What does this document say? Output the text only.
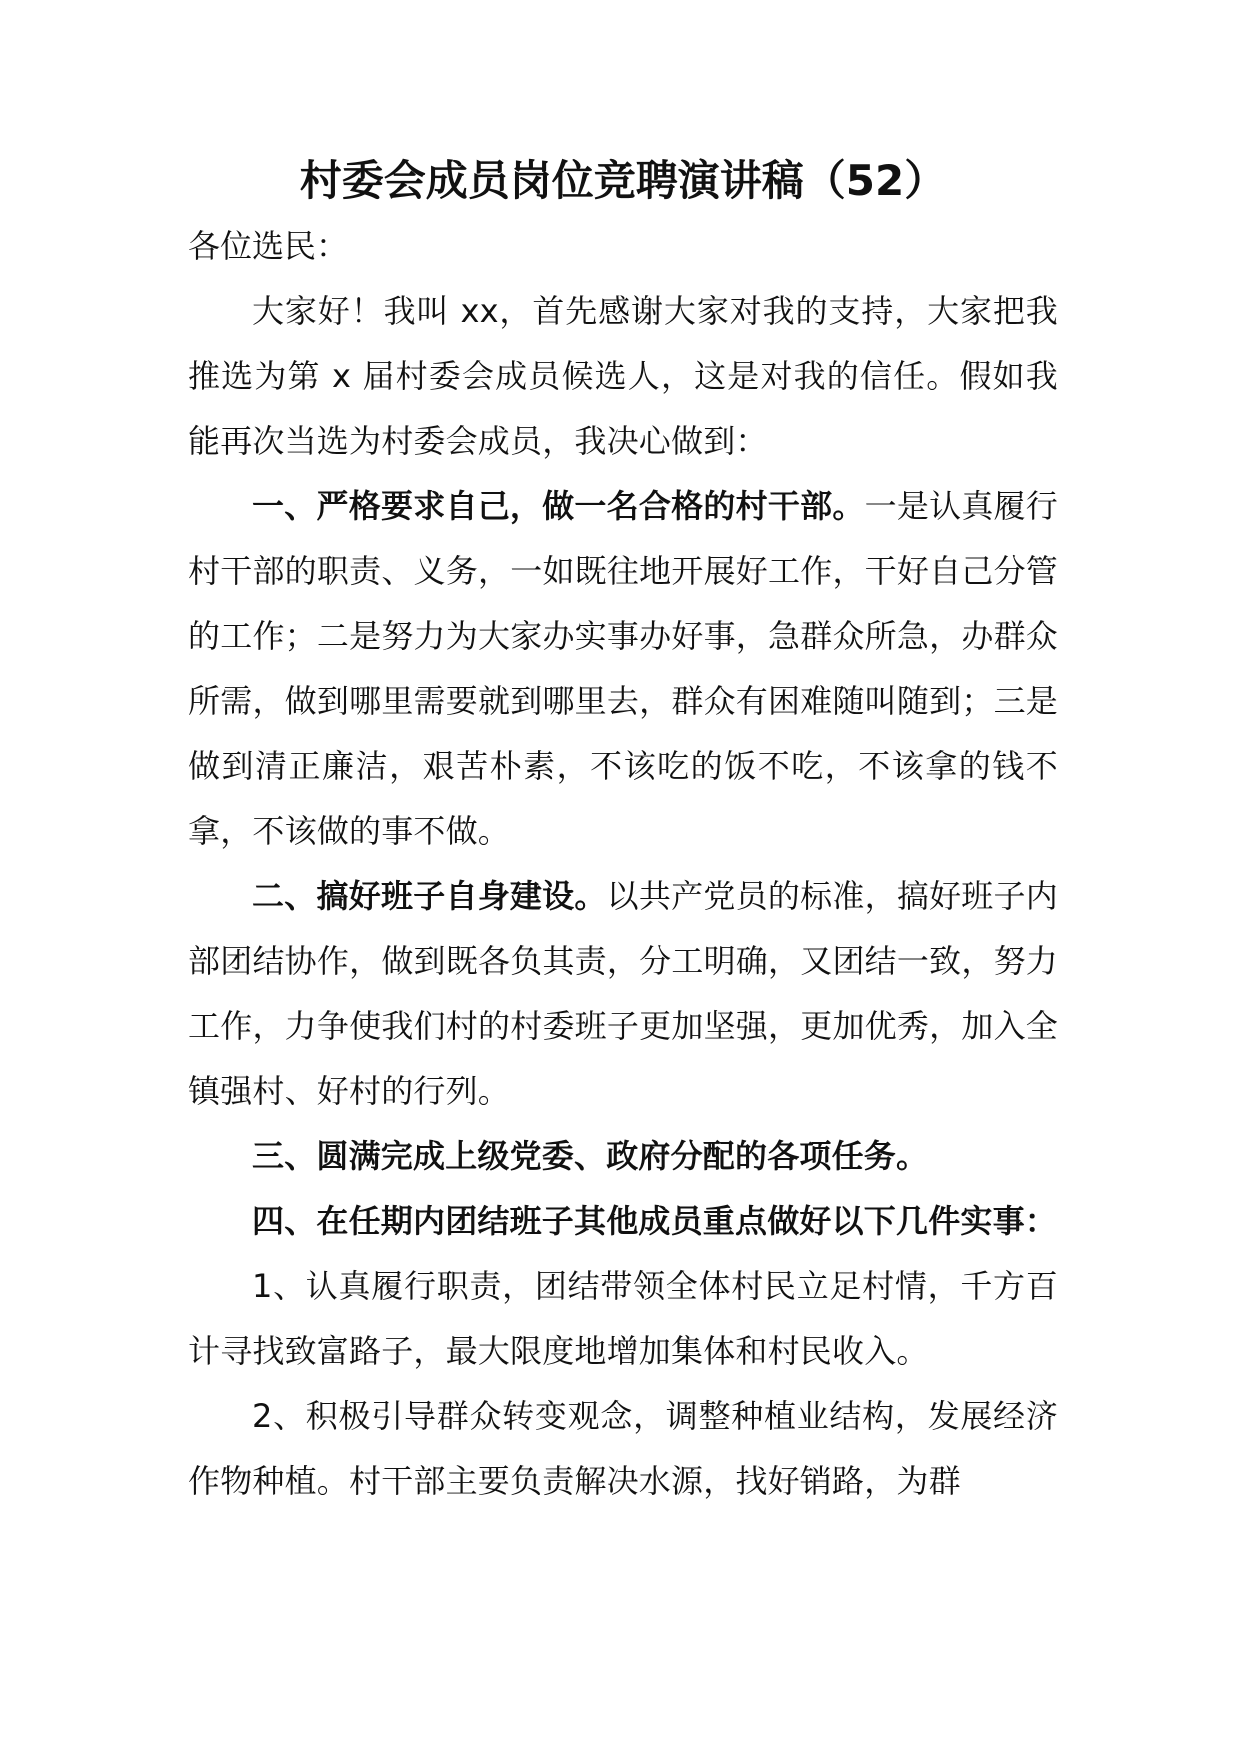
村委会成员岗位竞聘演讲稿（52）

各位选民：

大家好！我叫 xx，首先感谢大家对我的支持，大家把我推选为第 x 届村委会成员候选人，这是对我的信任。假如我能再次当选为村委会成员，我决心做到：

一、严格要求自己，做一名合格的村干部。一是认真履行村干部的职责、义务，一如既往地开展好工作，干好自己分管的工作；二是努力为大家办实事办好事，急群众所急，办群众所需，做到哪里需要就到哪里去，群众有困难随叫随到；三是做到清正廉洁，艰苦朴素，不该吃的饭不吃，不该拿的钱不拿，不该做的事不做。

二、搞好班子自身建设。以共产党员的标准，搞好班子内部团结协作，做到既各负其责，分工明确，又团结一致，努力工作，力争使我们村的村委班子更加坚强，更加优秀，加入全镇强村、好村的行列。

三、圆满完成上级党委、政府分配的各项任务。

四、在任期内团结班子其他成员重点做好以下几件实事：

1、认真履行职责，团结带领全体村民立足村情，千方百计寻找致富路子，最大限度地增加集体和村民收入。

2、积极引导群众转变观念，调整种植业结构，发展经济作物种植。村干部主要负责解决水源，找好销路，为群
